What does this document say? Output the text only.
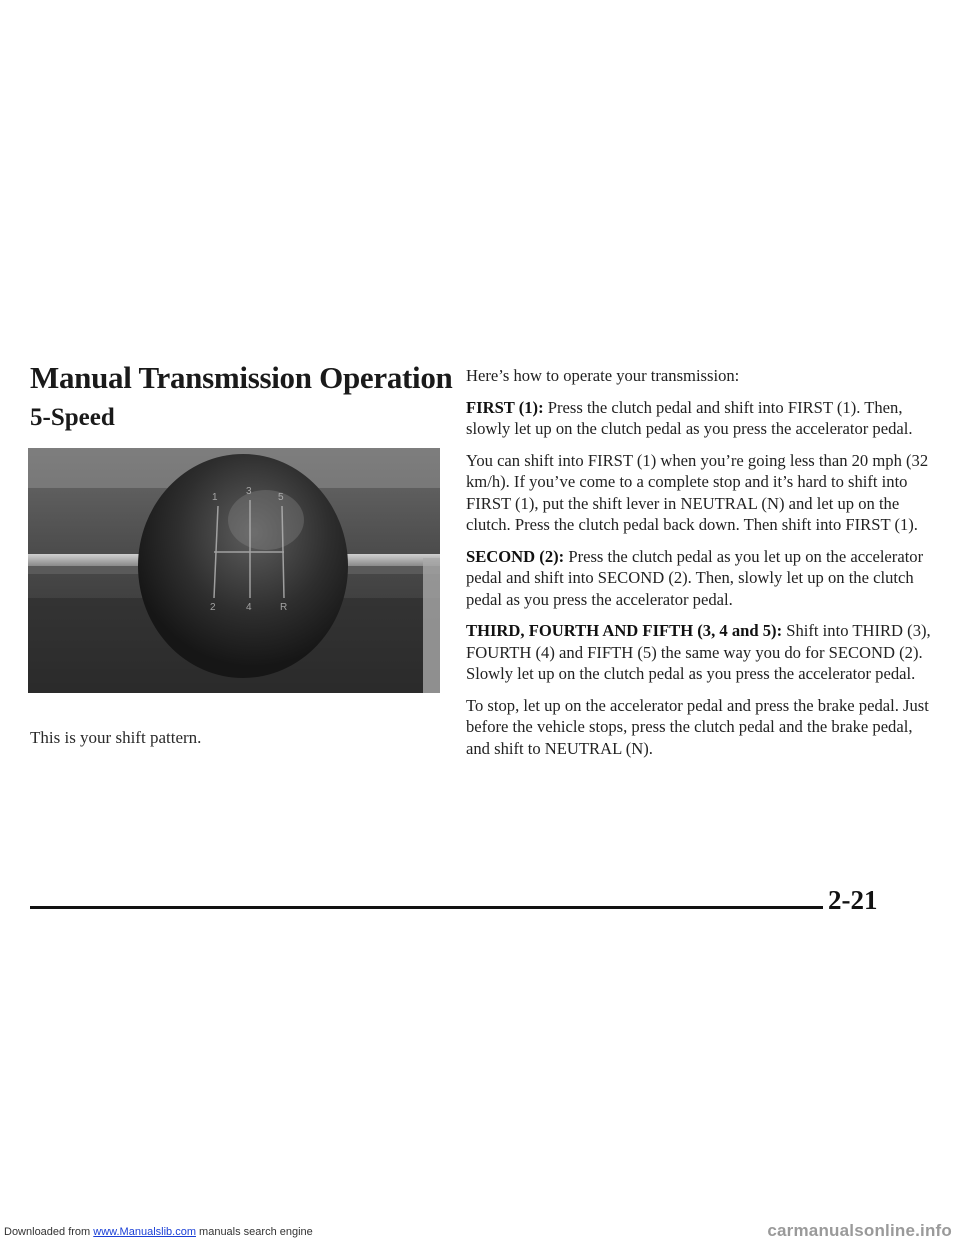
Manual Transmission Operation
5-Speed
1
3
5
2	4	R
This is your shift pattern.

Here’s how to operate your transmission:

FIRST (1): Press the clutch pedal and shift into FIRST (1). Then, slowly let up on the clutch pedal as you press the accelerator pedal.

You can shift into FIRST (1) when you’re going less than 20 mph (32 km/h). If you’ve come to a complete stop and it’s hard to shift into FIRST (1), put the shift lever in NEUTRAL (N) and let up on the clutch. Press the clutch pedal back down. Then shift into FIRST (1).

SECOND (2): Press the clutch pedal as you let up on the accelerator pedal and shift into SECOND (2). Then, slowly let up on the clutch pedal as you press the accelerator pedal.

THIRD, FOURTH AND FIFTH (3, 4 and 5): Shift into THIRD (3), FOURTH (4) and FIFTH (5) the same way you do for SECOND (2). Slowly let up on the clutch pedal as you press the accelerator pedal.

To stop, let up on the accelerator pedal and press the brake pedal. Just before the vehicle stops, press the clutch pedal and the brake pedal, and shift to NEUTRAL (N).

2-21
Downloaded from www.Manualslib.com manuals search engine	carmanualsonline.info
